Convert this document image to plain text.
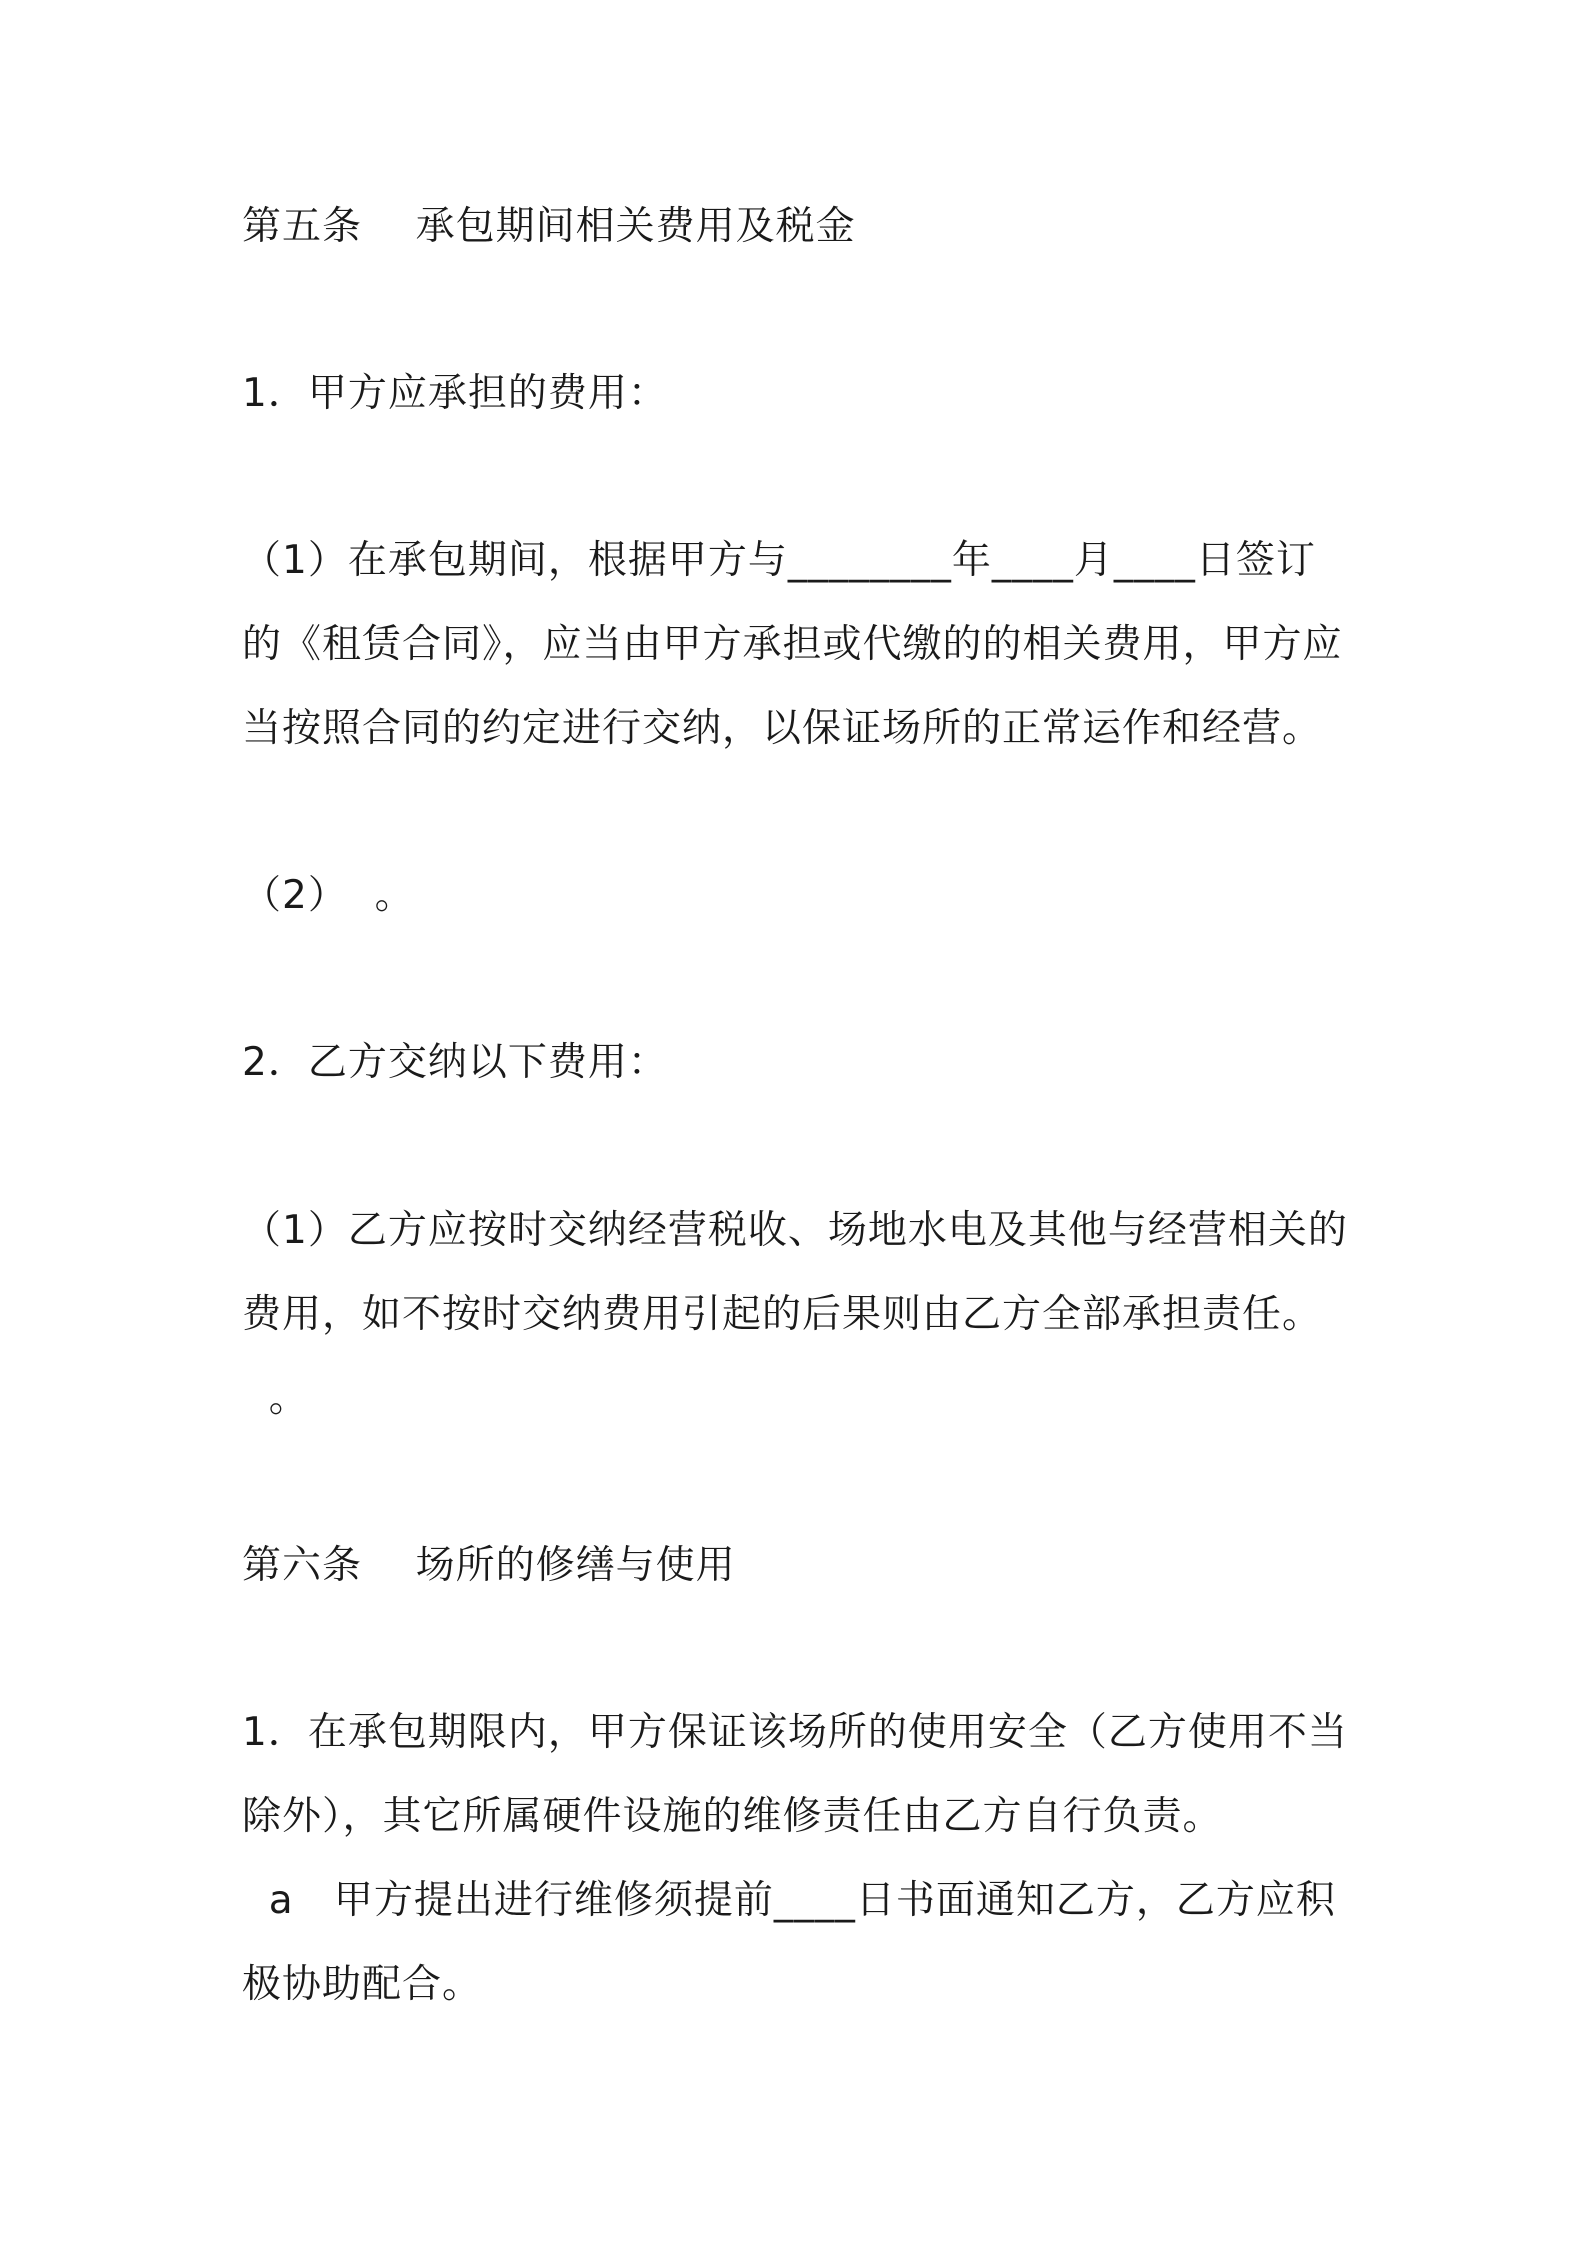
第五条    承包期间相关费用及税金
1．甲方应承担的费用：
（1）在承包期间，根据甲方与________年____月____日签订
的《租赁合同》，应当由甲方承担或代缴的的相关费用，甲方应
当按照合同的约定进行交纳，以保证场所的正常运作和经营。
（2）  。
2．乙方交纳以下费用：
（1）乙方应按时交纳经营税收、场地水电及其他与经营相关的
费用，如不按时交纳费用引起的后果则由乙方全部承担责任。
。
第六条    场所的修缮与使用
1．在承包期限内，甲方保证该场所的使用安全（乙方使用不当
除外），其它所属硬件设施的维修责任由乙方自行负责。
a   甲方提出进行维修须提前____日书面通知乙方，乙方应积
极协助配合。
